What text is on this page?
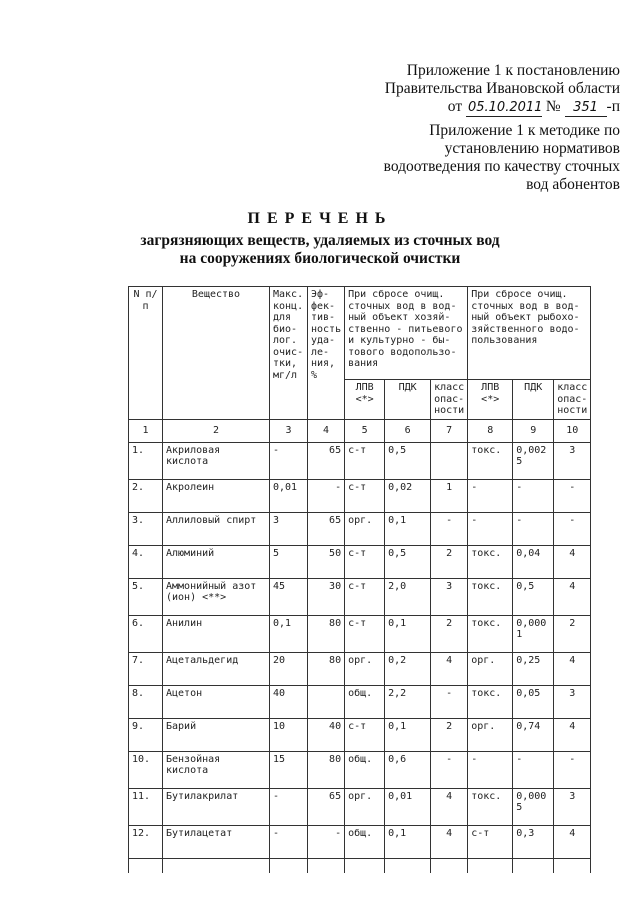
Приложение 1 к постановлению
Правительства Ивановской области
от 05.10.2011 № 351 -п
Приложение 1 к методике по
установлению нормативов
водоотведения по качеству сточных
вод абонентов
ПЕРЕЧЕНЬ
загрязняющих веществ, удаляемых из сточных вод
на сооружениях биологической очистки
N п/п	Вещество	Макс. конц. для био- лог. очис- тки, мг/л	Эф- фек- тив- ность уда- ле- ния, %	При сбросе очищ. сточных вод в вод- ный объект хозяй- ственно - питьевого и культурно - бы- тового водопользо- вания			При сбросе очищ. сточных вод в вод- ный объект рыбохо- зяйственного водо- пользования		
				ЛПВ <*>	ПДК	класс опас- ности	ЛПВ <*>	ПДК	класс опас- ности
1	2	3	4	5	6	7	8	9	10
1.	Акриловая кислота	-	65	с-т	0,5		токс.	0,002 5	3
2.	Акролеин	0,01	-	с-т	0,02	1	-	-	-
3.	Аллиловый спирт	3	65	орг.	0,1	-	-	-	-
4.	Алюминий	5	50	с-т	0,5	2	токс.	0,04	4
5.	Аммонийный азот (ион) <**>	45	30	с-т	2,0	3	токс.	0,5	4
6.	Анилин	0,1	80	с-т	0,1	2	токс.	0,000 1	2
7.	Ацетальдегид	20	80	орг.	0,2	4	орг.	0,25	4
8.	Ацетон	40		общ.	2,2	-	токс.	0,05	3
9.	Барий	10	40	с-т	0,1	2	орг.	0,74	4
10.	Бензойная кислота	15	80	общ.	0,6	-	-	-	-
11.	Бутилакрилат	-	65	орг.	0,01	4	токс.	0,000 5	3
12.	Бутилацетат	-	-	общ.	0,1	4	с-т	0,3	4
